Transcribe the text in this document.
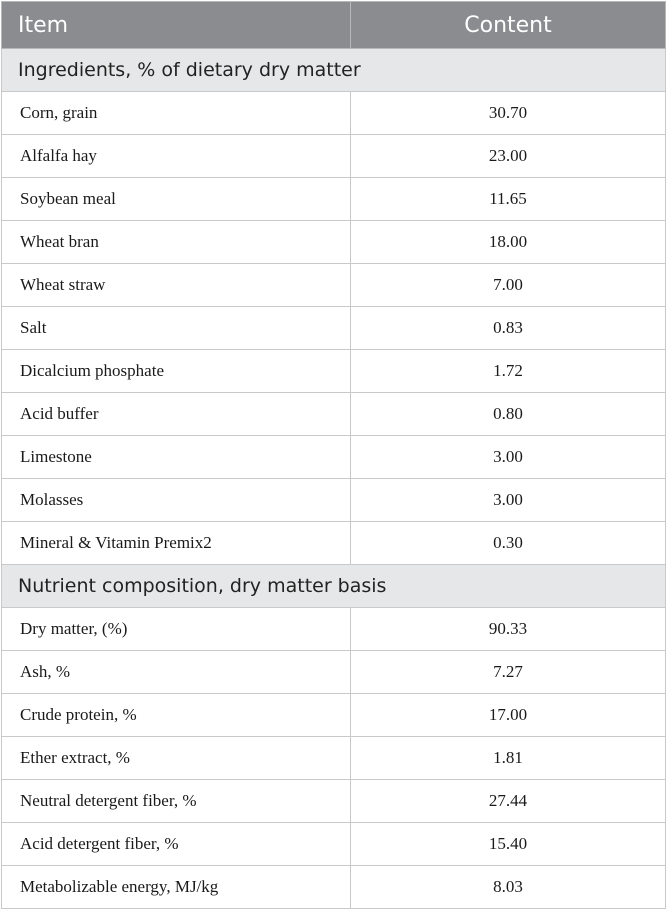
Item	Content
Ingredients, % of dietary dry matter	
Corn, grain	30.70
Alfalfa hay	23.00
Soybean meal	11.65
Wheat bran	18.00
Wheat straw	7.00
Salt	0.83
Dicalcium phosphate	1.72
Acid buffer	0.80
Limestone	3.00
Molasses	3.00
Mineral & Vitamin Premix2	0.30
Nutrient composition, dry matter basis	
Dry matter, (%)	90.33
Ash, %	7.27
Crude protein, %	17.00
Ether extract, %	1.81
Neutral detergent fiber, %	27.44
Acid detergent fiber, %	15.40
Metabolizable energy, MJ/kg	8.03
